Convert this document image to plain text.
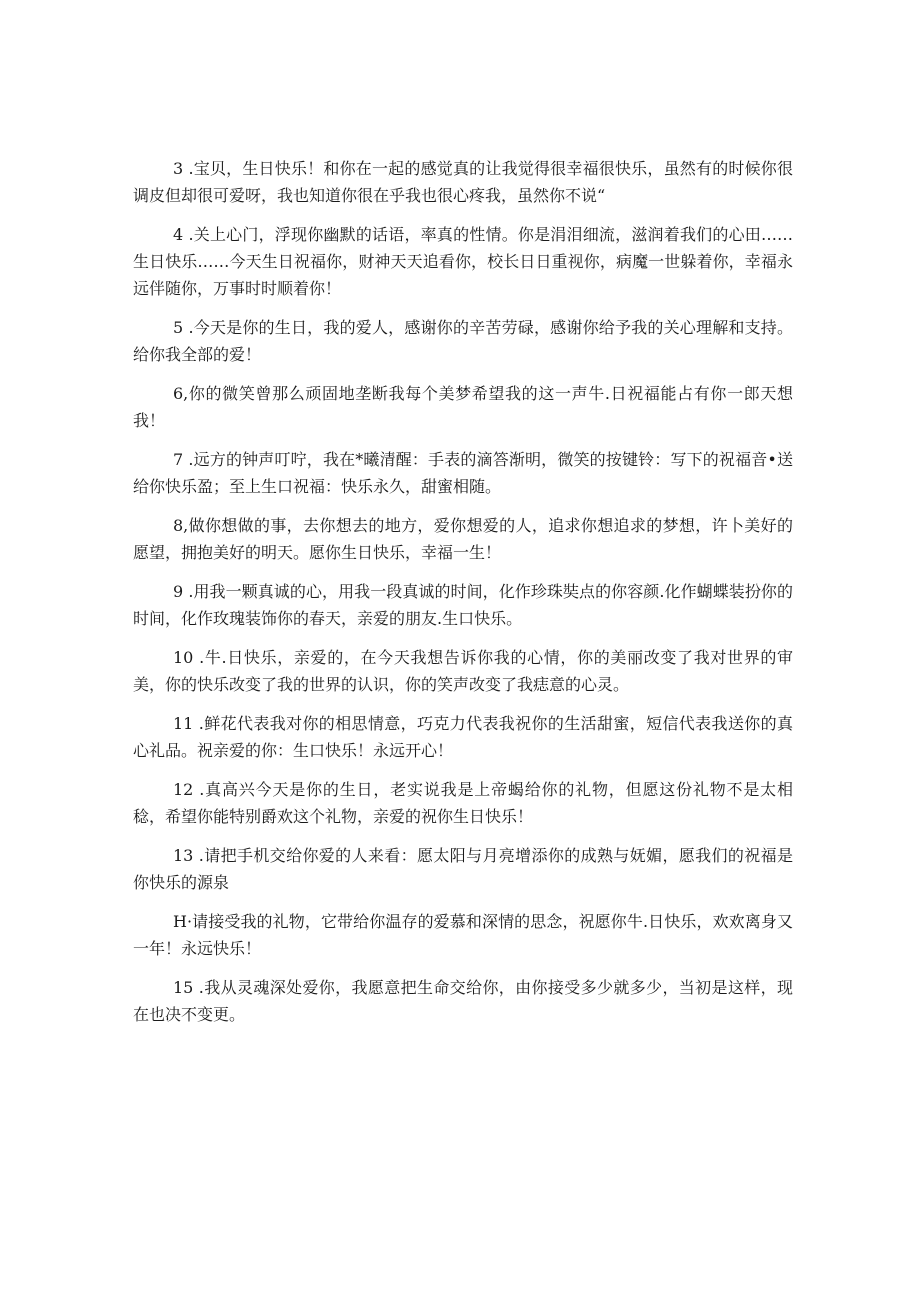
3 .宝贝，生日快乐！和你在一起的感觉真的让我觉得很幸福很快乐，虽然有的时候你很调皮但却很可爱呀，我也知道你很在乎我也很心疼我，虽然你不说“

4 .关上心门，浮现你幽默的话语，率真的性情。你是涓泪细流，滋润着我们的心田……生日快乐……今天生日祝福你，财神天天追看你，校长日日重视你，病魔一世躲着你，幸福永远伴随你，万事时时顺着你！

5 .今天是你的生日，我的爱人，感谢你的辛苦劳碌，感谢你给予我的关心理解和支持。给你我全部的爱！

6,你的微笑曾那么顽固地垄断我每个美梦希望我的这一声牛.日祝福能占有你一郎天想我！

7 .远方的钟声叮咛，我在*曦清醒：手表的滴答渐明，微笑的按键铃：写下的祝福音•送给你快乐盈；至上生口祝福：快乐永久，甜蜜相随。

8,做你想做的事，去你想去的地方，爱你想爱的人，追求你想追求的梦想，许卜美好的愿望，拥抱美好的明天。愿你生日快乐，幸福一生！

9 .用我一颗真诚的心，用我一段真诚的时间，化作珍珠奘点的你容颜.化作蝴蝶装扮你的时间，化作玫瑰装饰你的春天，亲爱的朋友.生口快乐。

10 .牛.日快乐，亲爱的，在今天我想告诉你我的心情，你的美丽改变了我对世界的审美，你的快乐改变了我的世界的认识，你的笑声改变了我痣意的心灵。

11 .鲜花代表我对你的相思情意，巧克力代表我祝你的生活甜蜜，短信代表我送你的真心礼品。祝亲爱的你：生口快乐！永远开心！

12 .真高兴今天是你的生日，老实说我是上帝蝎给你的礼物，但愿这份礼物不是太相稔，希望你能特别爵欢这个礼物，亲爱的祝你生日快乐！

13 .请把手机交给你爱的人来看：愿太阳与月亮增添你的成熟与妩媚，愿我们的祝福是你快乐的源泉

H·请接受我的礼物，它带给你温存的爱慕和深情的思念，祝愿你牛.日快乐，欢欢离身又一年！永远快乐！

15 .我从灵魂深处爱你，我愿意把生命交给你，由你接受多少就多少，当初是这样，现在也决不变更。
